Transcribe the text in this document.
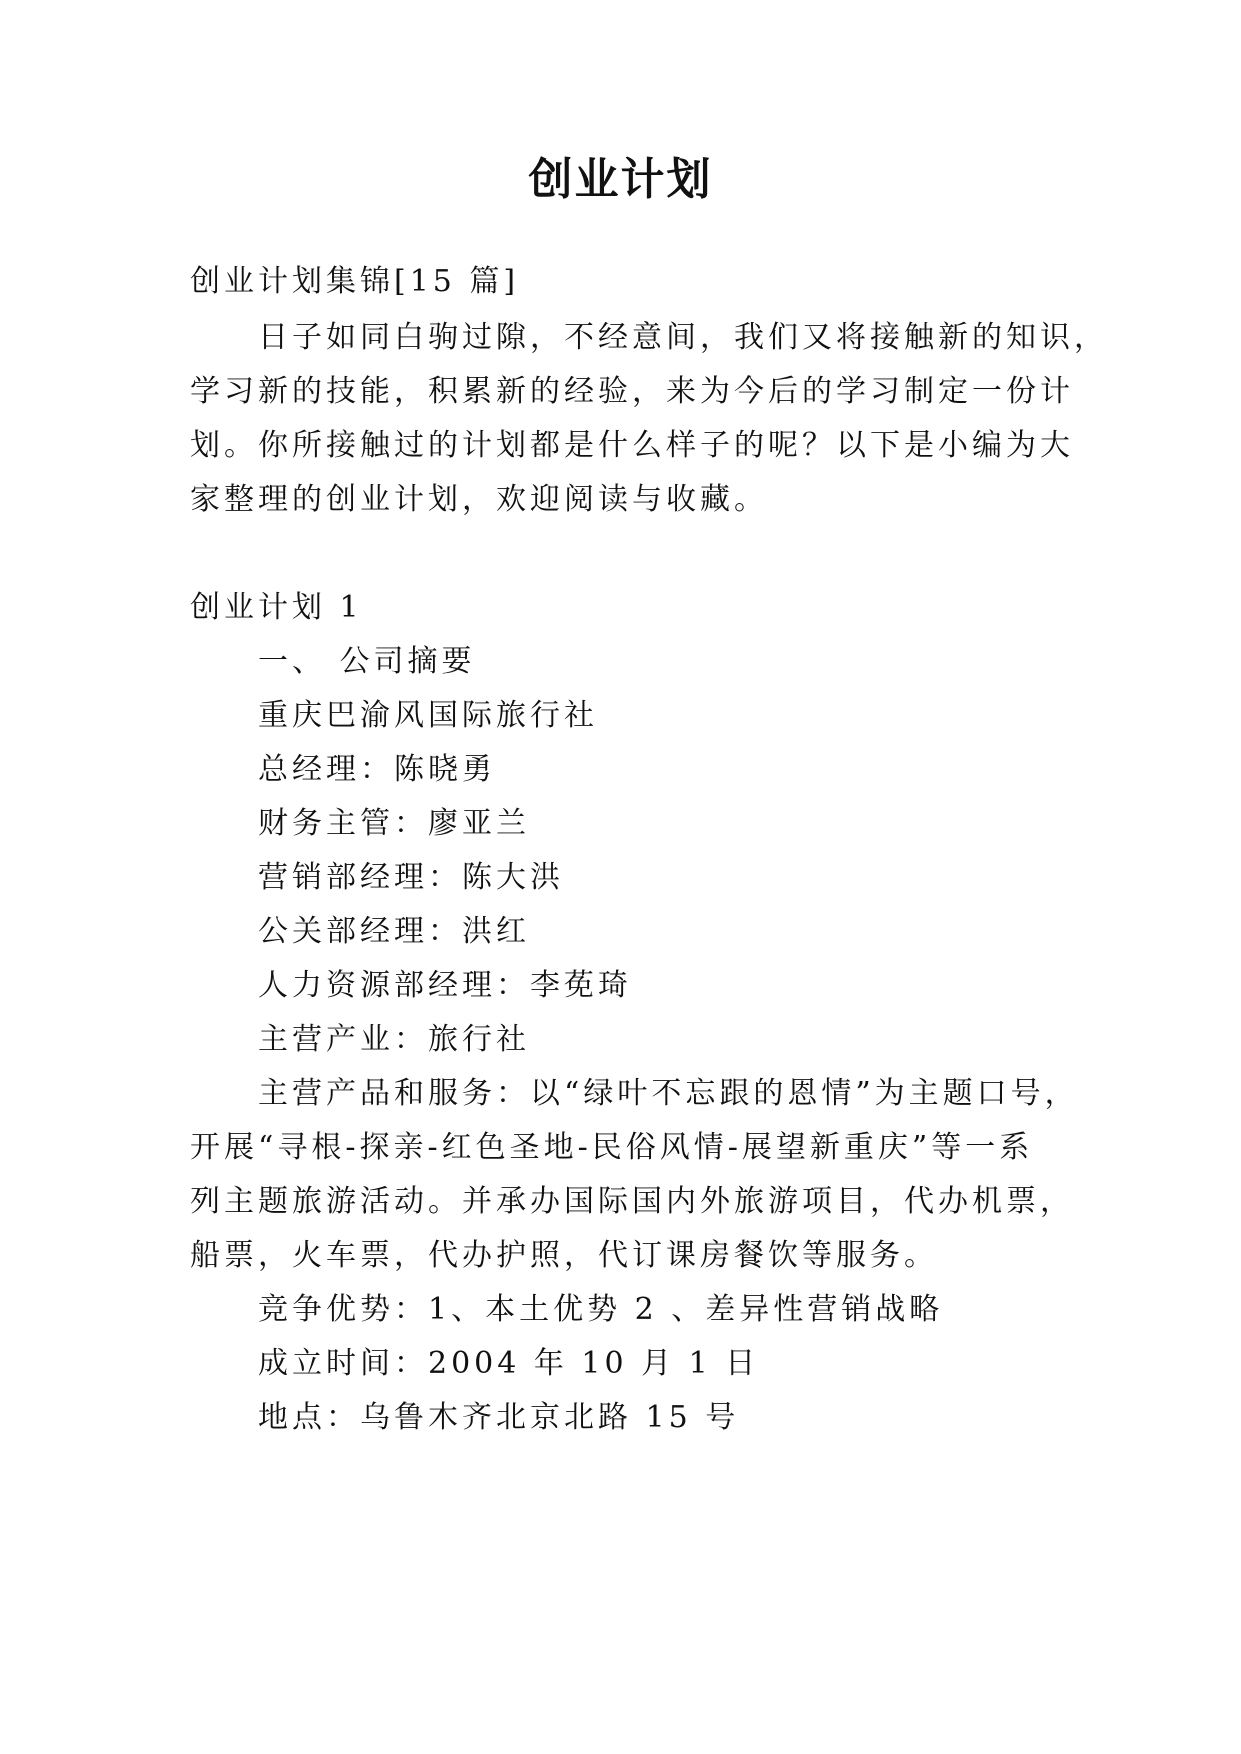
创业计划
创业计划集锦[15 篇]
日子如同白驹过隙，不经意间，我们又将接触新的知识，
学习新的技能，积累新的经验，来为今后的学习制定一份计
划。你所接触过的计划都是什么样子的呢？以下是小编为大
家整理的创业计划，欢迎阅读与收藏。
创业计划 1
一、 公司摘要
重庆巴渝风国际旅行社
总经理：陈晓勇
财务主管：廖亚兰
营销部经理：陈大洪
公关部经理：洪红
人力资源部经理：李莬琦
主营产业：旅行社
主营产品和服务：以“绿叶不忘跟的恩情”为主题口号，
开展“寻根-探亲-红色圣地-民俗风情-展望新重庆”等一系
列主题旅游活动。并承办国际国内外旅游项目，代办机票，
船票，火车票，代办护照，代订课房餐饮等服务。
竞争优势：1、本土优势 2 、差异性营销战略
成立时间：2004 年 10 月 1 日
地点：乌鲁木齐北京北路 15 号
